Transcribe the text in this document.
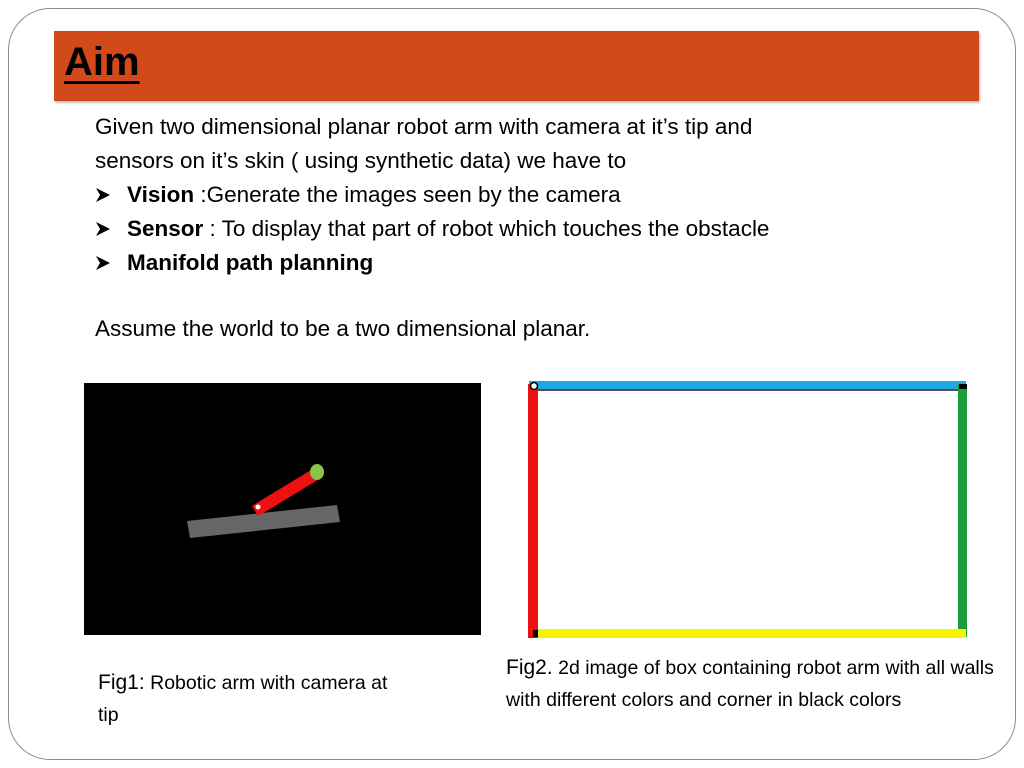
Aim

Given two dimensional planar robot arm with camera at it’s tip and

sensors on it’s skin ( using synthetic data) we have to

Vision :Generate the images seen by the camera
Sensor : To display that part of robot which touches the obstacle
Manifold path planning

Assume the world to be a two dimensional planar.

Fig1: Robotic arm with camera at tip
Fig2. 2d image of box containing robot arm with all walls with different colors and corner in black colors
